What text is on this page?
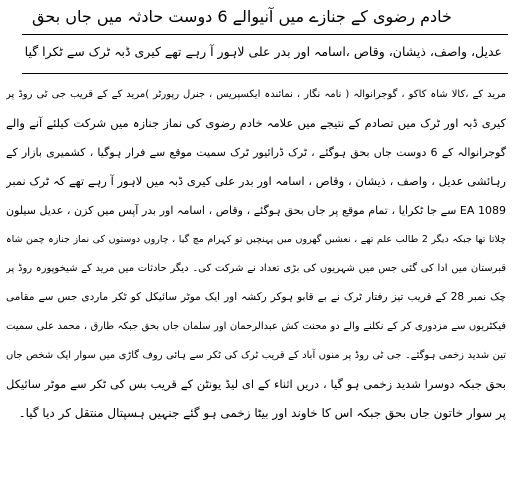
خادم رضوی کے جنازے میں آنیوالے 6 دوست حادثہ میں جاں بحق
عدیل، واصف، ذیشان، وقاص ،اسامہ اور بدر علی لاہور آ رہے تھے کیری ڈبہ ٹرک سے ٹکرا گیا
مرید کے ،کالا شاہ کاکو ، گوجرانوالہ ( نامہ نگار ، نمائندہ ایکسپریس ، جنرل رپورٹر )مرید کے کے قریب جی ٹی روڈ پر
کیری ڈبہ اور ٹرک میں تصادم کے نتیجے میں علامہ خادم رضوی کی نماز جنازہ میں شرکت کیلئے آنے والے
گوجرانوالہ کے 6 دوست جاں بحق ہوگئے ، ٹرک ڈرائیور ٹرک سمیت موقع سے فرار ہوگیا ، کشمیری بازار کے
رہائشی عدیل ، واصف ، ذیشان ، وقاص ، اسامہ اور بدر علی کیری ڈبہ میں لاہور آ رہے تھے کہ ٹرک نمبر
EA 1089 سے جا ٹکرایا ، تمام موقع پر جاں بحق ہوگئے ، وقاص ، اسامہ اور بدر آپس میں کزن ، عدیل سیلون
چلاتا تھا جبکہ دیگر 2 طالب علم تھے ، نعشیں گھروں میں پہنچیں تو کہرام مچ گیا ، چاروں دوستوں کی نماز جنازہ چمن شاہ
قبرستان میں ادا کی گئی جس میں شہریوں کی بڑی تعداد نے شرکت کی۔ دیگر حادثات میں مرید کے شیخوپورہ روڈ پر
چک نمبر 28 کے قریب تیز رفتار ٹرک نے بے قابو ہوکر رکشہ اور ایک موٹر سائیکل کو ٹکر ماردی جس سے مقامی
فیکٹریوں سے مزدوری کر کے نکلنے والے دو محنت کش عبدالرحمان اور سلمان جاں بحق جبکہ طارق ، محمد علی سمیت
تین شدید زخمی ہوگئے۔ جی ٹی روڈ پر منوں آباد کے قریب ٹرک کی ٹکر سے ہائی روف گاڑی میں سوار ایک شخص جاں
بحق جبکہ دوسرا شدید زخمی ہو گیا ، دریں اثناء کے ای لیڈ یونٹن کے قریب بس کی ٹکر سے موٹر سائیکل
پر سوار خاتون جاں بحق جبکہ اس کا خاوند اور بیٹا زخمی ہو گئے جنہیں ہسپتال منتقل کر دیا گیا۔
